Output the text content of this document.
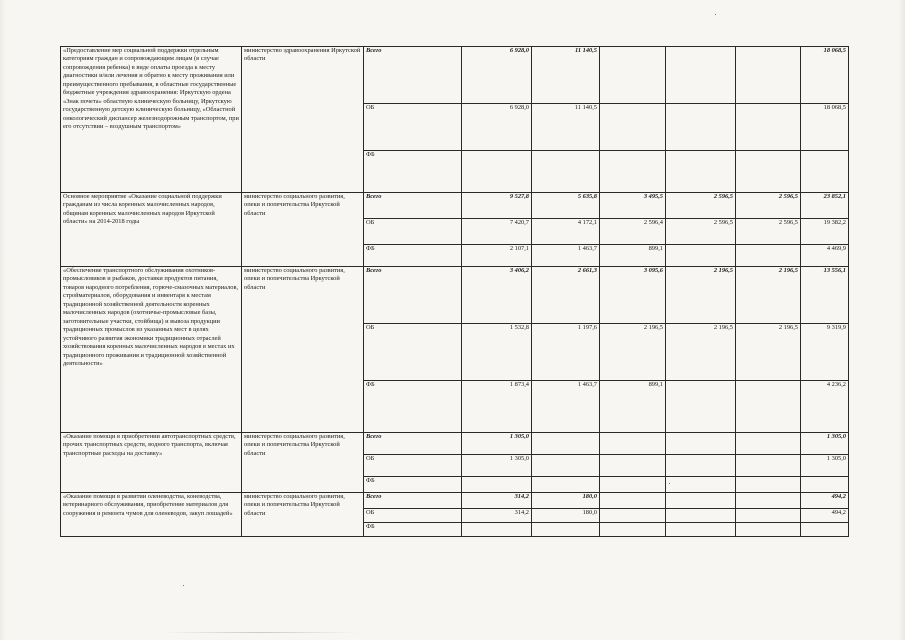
«Предоставление мер социальной поддержки отдельным категориям граждан и сопровождающим лицам (в случае сопровождения ребенка) в виде оплаты проезда к месту диагностики и/или лечения и обратно к месту проживания или преимущественного пребывания, в областные государственные бюджетные учреждения здравоохранения: Иркутскую ордена «Знак почета» областную клиническую больницу, Иркутскую государственную детскую клиническую больницу, «Областной онкологический диспансер железнодорожным транспортом, при его отсутствии – воздушным транспортом»	министерство здравоохранения Иркутской области	Всего	6 928,0	11 140,5				18 068,5
		ОБ	6 928,0	11 140,5				18 068,5
		ФБ						
Основное мероприятие «Оказание социальной поддержки гражданам из числа коренных малочисленных народов, общинам коренных малочисленных народов Иркутской области» на 2014-2018 годы	министерство социального развития, опеки и попечительства Иркутской области	Всего	9 527,8	5 635,8	3 495,5	2 596,5	2 596,5	23 852,1
		ОБ	7 420,7	4 172,1	2 596,4	2 596,5	2 596,5	19 382,2
		ФБ	2 107,1	1 463,7	899,1			4 469,9
«Обеспечение транспортного обслуживания охотников-промысловиков и рыбаков, доставки продуктов питания, товаров народного потребления, горюче-смазочных материалов, стройматериалов, оборудования и инвентаря к местам традиционной хозяйственной деятельности коренных малочисленных народов (охотничье-промысловые базы, заготовительные участки, стойбища) и вывоза продукции традиционных промыслов из указанных мест в целях устойчивого развития экономики традиционных отраслей хозяйствования коренных малочисленных народов в местах их традиционного проживания и традиционной хозяйственной деятельности»	министерство социального развития, опеки и попечительства Иркутской области	Всего	3 406,2	2 661,3	3 095,6	2 196,5	2 196,5	13 556,1
		ОБ	1 532,8	1 197,6	2 196,5	2 196,5	2 196,5	9 319,9
		ФБ	1 873,4	1 463,7	899,1			4 236,2
«Оказание помощи в приобретении автотранспортных средств, прочих транспортных средств, водного транспорта, включая транспортные расходы на доставку»	министерство социального развития, опеки и попечительства Иркутской области	Всего	1 305,0					1 305,0
		ОБ	1 305,0					1 305,0
		ФБ						
«Оказание помощи в развитии оленеводства, коневодства, ветеринарного обслуживания, приобретение материалов для сооружения и ремонта чумов для оленеводов, закуп лошадей»	министерство социального развития, опеки и попечительства Иркутской области	Всего	314,2	180,0				494,2
		ОБ	314,2	180,0				494,2
		ФБ						
